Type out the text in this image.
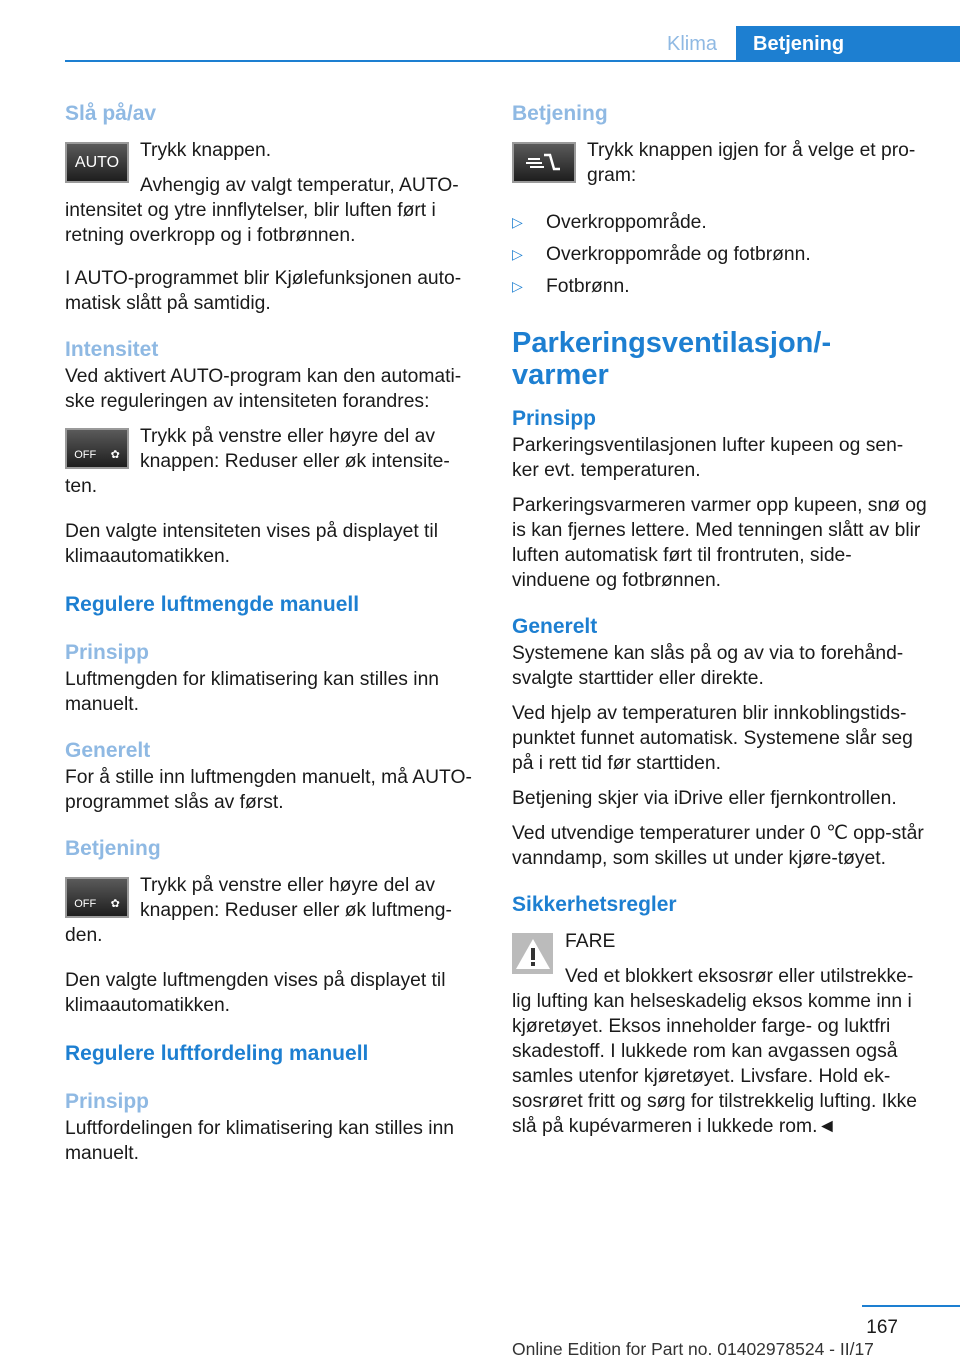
Klima	Betjening
Slå på/av
AUTO

Trykk knappen.

Avhengig av valgt temperatur, AUTO-intensitet og ytre innflytelser, blir luften ført i retning overkropp og i fotbrønnen.

I AUTO-programmet blir Kjølefunksjonen auto-matisk slått på samtidig.

Intensitet

Ved aktivert AUTO-program kan den automati-ske reguleringen av intensiteten forandres:

OFF ✿

Trykk på venstre eller høyre del av knappen: Reduser eller øk intensite-ten.

Den valgte intensiteten vises på displayet til klimaautomatikken.

Regulere luftmengde manuell
Prinsipp

Luftmengden for klimatisering kan stilles inn manuelt.

Generelt

For å stille inn luftmengden manuelt, må AUTO-programmet slås av først.

Betjening
OFF ✿

Trykk på venstre eller høyre del av knappen: Reduser eller øk luftmeng-den.

Den valgte luftmengden vises på displayet til klimaautomatikken.

Regulere luftfordeling manuell
Prinsipp

Luftfordelingen for klimatisering kan stilles inn manuelt.

Betjening

Trykk knappen igjen for å velge et pro-gram:

▷ Overkroppområde.
▷ Overkroppområde og fotbrønn.
▷ Fotbrønn.
Parkeringsventilasjon/-varmer
Prinsipp

Parkeringsventilasjonen lufter kupeen og sen-ker evt. temperaturen.

Parkeringsvarmeren varmer opp kupeen, snø og is kan fjernes lettere. Med tenningen slått av blir luften automatisk ført til frontruten, side-vinduene og fotbrønnen.

Generelt

Systemene kan slås på og av via to forehånd-svalgte starttider eller direkte.

Ved hjelp av temperaturen blir innkoblingstids-punktet funnet automatisk. Systemene slår seg på i rett tid før starttiden.

Betjening skjer via iDrive eller fjernkontrollen.

Ved utvendige temperaturer under 0 ℃ opp-står vanndamp, som skilles ut under kjøre-tøyet.

Sikkerhetsregler

FARE

Ved et blokkert eksosrør eller utilstrekke-lig lufting kan helseskadelig eksos komme inn i kjøretøyet. Eksos inneholder farge- og luktfri skadestoff. I lukkede rom kan avgassen også samles utenfor kjøretøyet. Livsfare. Hold ek-sosrøret fritt og sørg for tilstrekkelig lufting. Ikke slå på kupévarmeren i lukkede rom.◄

167
Online Edition for Part no. 01402978524 - II/17
